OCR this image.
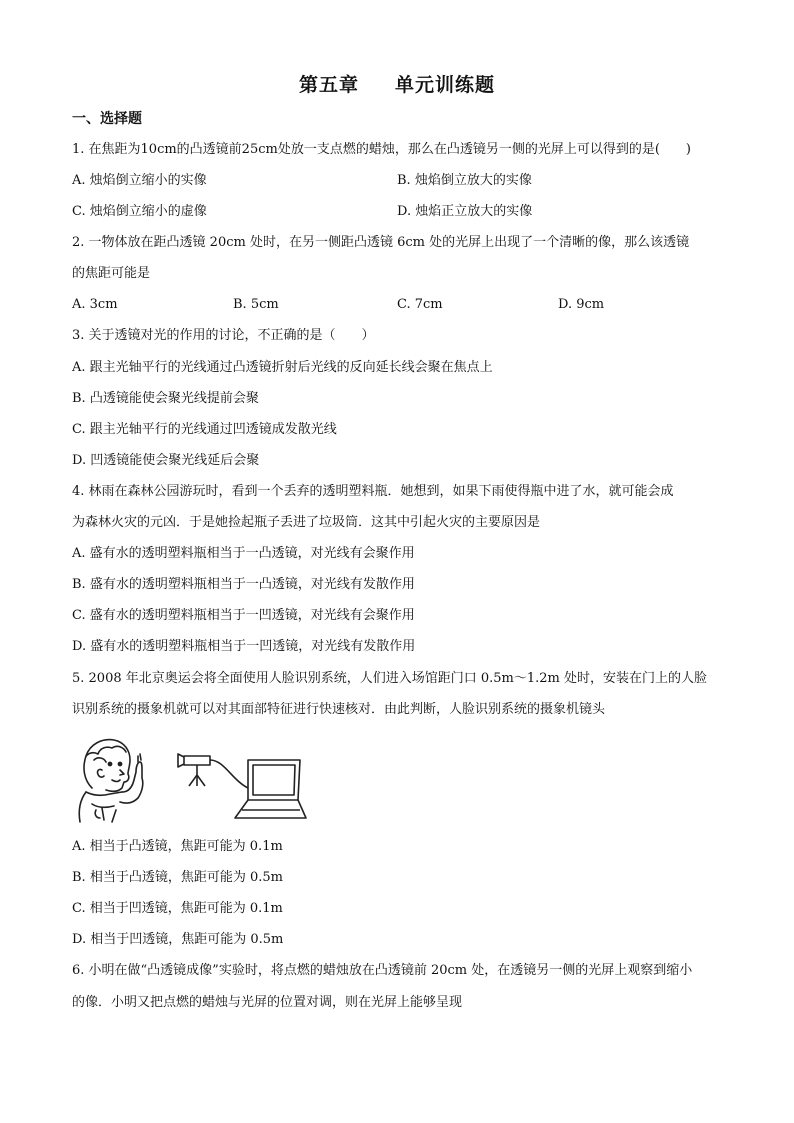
第五章 单元训练题
一、选择题
1. 在焦距为10cm的凸透镜前25cm处放一支点燃的蜡烛，那么在凸透镜另一侧的光屏上可以得到的是(　　)
A. 烛焰倒立缩小的实像	B. 烛焰倒立放大的实像
C. 烛焰倒立缩小的虚像	D. 烛焰正立放大的实像
2. 一物体放在距凸透镜 20cm 处时，在另一侧距凸透镜 6cm 处的光屏上出现了一个清晰的像，那么该透镜
的焦距可能是
A. 3cm	B. 5cm	C. 7cm	D. 9cm
3. 关于透镜对光的作用的讨论，不正确的是（　　）
A. 跟主光轴平行的光线通过凸透镜折射后光线的反向延长线会聚在焦点上
B. 凸透镜能使会聚光线提前会聚
C. 跟主光轴平行的光线通过凹透镜成发散光线
D. 凹透镜能使会聚光线延后会聚
4. 林雨在森林公园游玩时，看到一个丢弃的透明塑料瓶．她想到，如果下雨使得瓶中进了水，就可能会成
为森林火灾的元凶．于是她捡起瓶子丢进了垃圾筒．这其中引起火灾的主要原因是
A. 盛有水的透明塑料瓶相当于一凸透镜，对光线有会聚作用
B. 盛有水的透明塑料瓶相当于一凸透镜，对光线有发散作用
C. 盛有水的透明塑料瓶相当于一凹透镜，对光线有会聚作用
D. 盛有水的透明塑料瓶相当于一凹透镜，对光线有发散作用
5. 2008 年北京奥运会将全面使用人脸识别系统，人们进入场馆距门口 0.5m～1.2m 处时，安装在门上的人脸
识别系统的摄象机就可以对其面部特征进行快速核对．由此判断，人脸识别系统的摄象机镜头
A. 相当于凸透镜，焦距可能为 0.1m
B. 相当于凸透镜，焦距可能为 0.5m
C. 相当于凹透镜，焦距可能为 0.1m
D. 相当于凹透镜，焦距可能为 0.5m
6. 小明在做“凸透镜成像”实验时，将点燃的蜡烛放在凸透镜前 20cm 处，在透镜另一侧的光屏上观察到缩小
的像．小明又把点燃的蜡烛与光屏的位置对调，则在光屏上能够呈现
